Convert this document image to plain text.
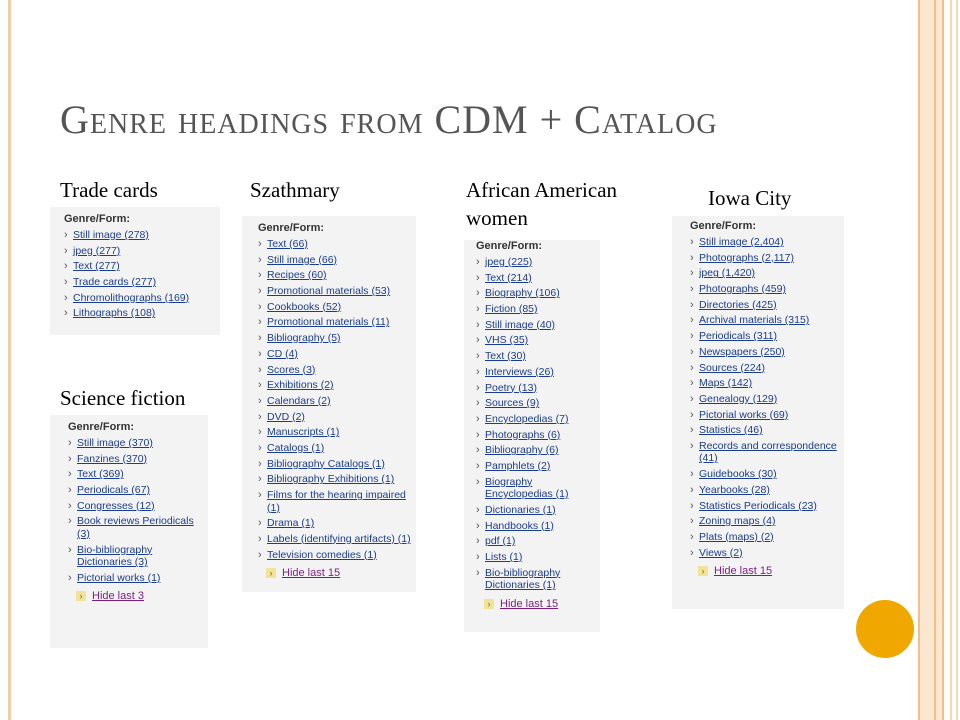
Genre headings from CDM + Catalog

Trade cards

Genre/Form:

› Still image (278)
› jpeg (277)
› Text (277)
› Trade cards (277)
› Chromolithographs (169)
› Lithographs (108)

Szathmary

Genre/Form:

› Text (66)
› Still image (66)
› Recipes (60)
› Promotional materials (53)
› Cookbooks (52)
› Promotional materials (11)
› Bibliography (5)
› CD (4)
› Scores (3)
› Exhibitions (2)
› Calendars (2)
› DVD (2)
› Manuscripts (1)
› Catalogs (1)
› Bibliography Catalogs (1)
› Bibliography Exhibitions (1)
› Films for the hearing impaired (1)
› Drama (1)
› Labels (identifying artifacts) (1)
› Television comedies (1)
› Hide last 15

African American women

Genre/Form:

› jpeg (225)
› Text (214)
› Biography (106)
› Fiction (85)
› Still image (40)
› VHS (35)
› Text (30)
› Interviews (26)
› Poetry (13)
› Sources (9)
› Encyclopedias (7)
› Photographs (6)
› Bibliography (6)
› Pamphlets (2)
› Biography Encyclopedias (1)
› Dictionaries (1)
› Handbooks (1)
› pdf (1)
› Lists (1)
› Bio-bibliography Dictionaries (1)
› Hide last 15

Iowa City

Genre/Form:

› Still image (2,404)
› Photographs (2,117)
› jpeg (1,420)
› Photographs (459)
› Directories (425)
› Archival materials (315)
› Periodicals (311)
› Newspapers (250)
› Sources (224)
› Maps (142)
› Genealogy (129)
› Pictorial works (69)
› Statistics (46)
› Records and correspondence (41)
› Guidebooks (30)
› Yearbooks (28)
› Statistics Periodicals (23)
› Zoning maps (4)
› Plats (maps) (2)
› Views (2)
› Hide last 15

Science fiction

Genre/Form:

› Still image (370)
› Fanzines (370)
› Text (369)
› Periodicals (67)
› Congresses (12)
› Book reviews Periodicals (3)
› Bio-bibliography Dictionaries (3)
› Pictorial works (1)
› Hide last 3
